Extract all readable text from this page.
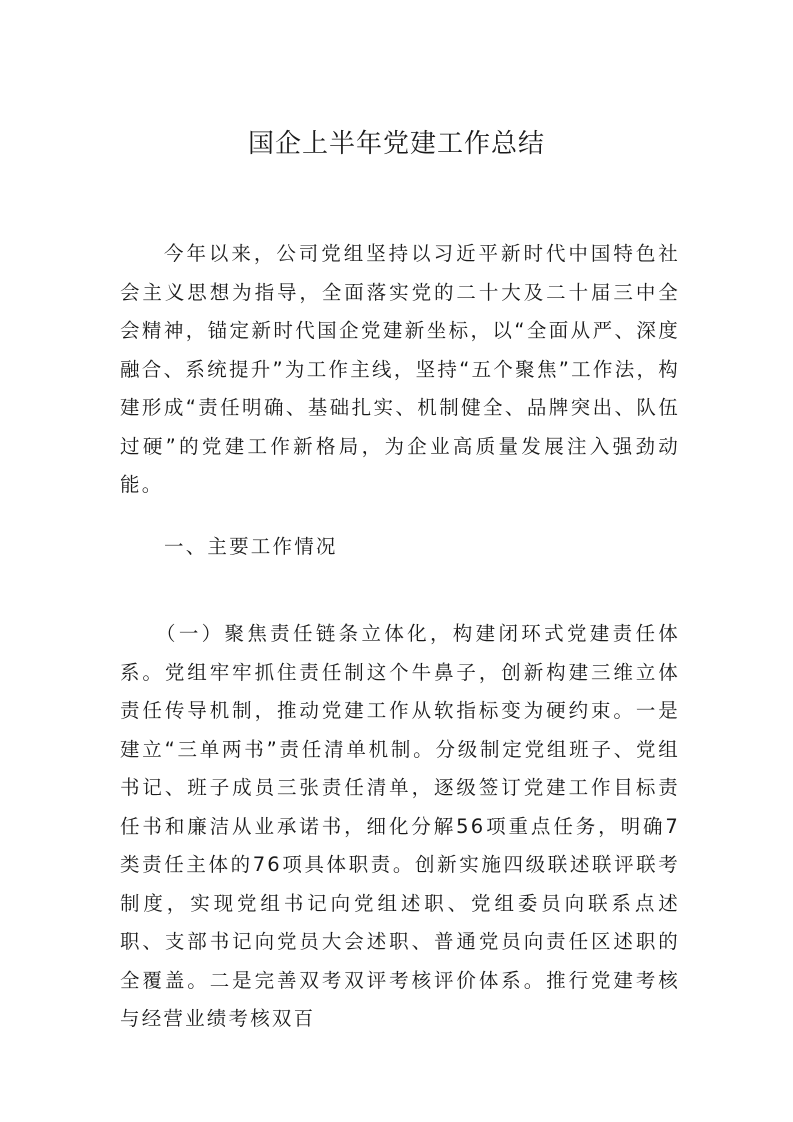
国企上半年党建工作总结

今年以来，公司党组坚持以习近平新时代中国特色社会主义思想为指导，全面落实党的二十大及二十届三中全会精神，锚定新时代国企党建新坐标，以“全面从严、深度融合、系统提升”为工作主线，坚持“五个聚焦”工作法，构建形成“责任明确、基础扎实、机制健全、品牌突出、队伍过硬”的党建工作新格局，为企业高质量发展注入强劲动能。

一、主要工作情况

（一）聚焦责任链条立体化，构建闭环式党建责任体系。党组牢牢抓住责任制这个牛鼻子，创新构建三维立体责任传导机制，推动党建工作从软指标变为硬约束。一是建立“三单两书”责任清单机制。分级制定党组班子、党组书记、班子成员三张责任清单，逐级签订党建工作目标责任书和廉洁从业承诺书，细化分解56项重点任务，明确7类责任主体的76项具体职责。创新实施四级联述联评联考制度，实现党组书记向党组述职、党组委员向联系点述职、支部书记向党员大会述职、普通党员向责任区述职的全覆盖。二是完善双考双评考核评价体系。推行党建考核与经营业绩考核双百
